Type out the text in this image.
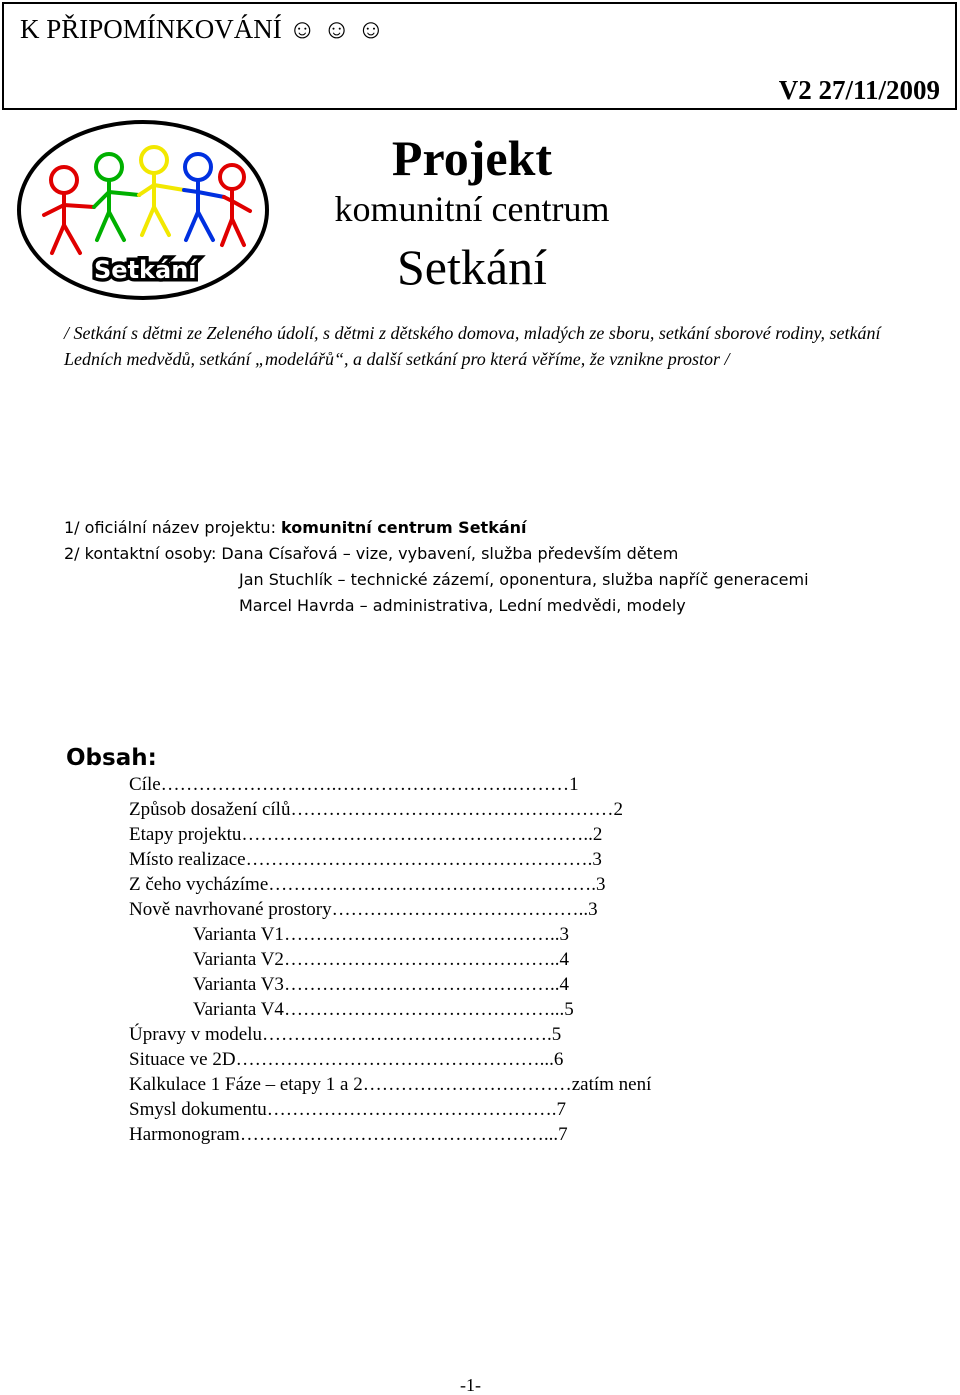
K PŘIPOMÍNKOVÁNÍ ☺ ☺ ☺
V2 27/11/2009
Setkání
Projekt
komunitní centrum
Setkání
/ Setkání s dětmi ze Zeleného údolí, s dětmi z dětského domova, mladých ze sboru, setkání sborové rodiny, setkání Ledních medvědů, setkání „modelářů“, a další setkání pro která věříme, že vznikne prostor /
1/ oficiální název projektu: komunitní centrum Setkání
2/ kontaktní osoby: Dana Císařová – vize, vybavení, služba především dětem
Jan Stuchlík – technické zázemí, oponentura, služba napříč generacemi
Marcel Havrda – administrativa, Lední medvědi, modely
Obsah:
Cíle ……………………….……………………….……… 1
Způsob dosažení cílů …………………………………………… 2
Etapy projektu ……………………………………………….. 2
Místo realizace ………………………………………………. 3
Z čeho vycházíme ……………………………………………. 3
Nově navrhované prostory ………………………………….. 3
Varianta V1 …………………………………….. 3
Varianta V2 …………………………………….. 4
Varianta V3 …………………………………….. 4
Varianta V4 ……………………………………... 5
Úpravy v modelu ………………………………………. 5
Situace ve 2D …………………………………………... 6
Kalkulace 1 Fáze – etapy 1 a 2 …………………………… zatím není
Smysl dokumentu ………………………………………. 7
Harmonogram …………………………………………... 7
-1-
